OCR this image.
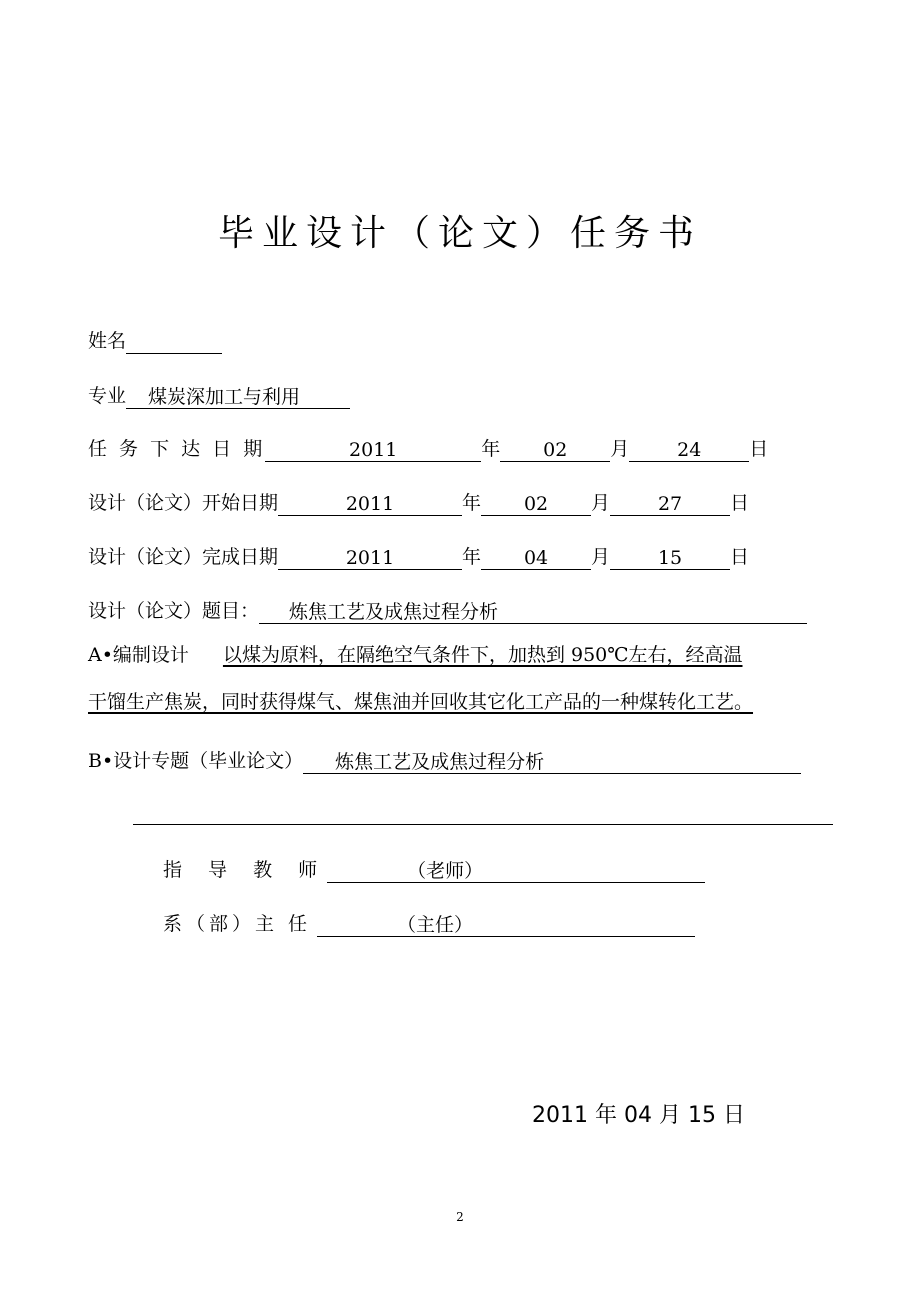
毕业设计（论文）任务书
姓名
专业 煤炭深加工与利用
任 务 下 达 日 期	2011	年 02 月	24	日
设计（论文）开始日期	2011	年 02 月	27	日
设计（论文）完成日期	2011	年 04 月	15	日
设计（论文）题目： 炼焦工艺及成焦过程分析
A•编制设计 以煤为原料，在隔绝空气条件下，加热到 950℃左右，经高温
干馏生产焦炭，同时获得煤气、煤焦油并回收其它化工产品的一种煤转化工艺。
B•设计专题（毕业论文） 炼焦工艺及成焦过程分析
指 导 教 师	（老师）
系（部）主 任	（主任）
2011 年 04 月 15 日
2
